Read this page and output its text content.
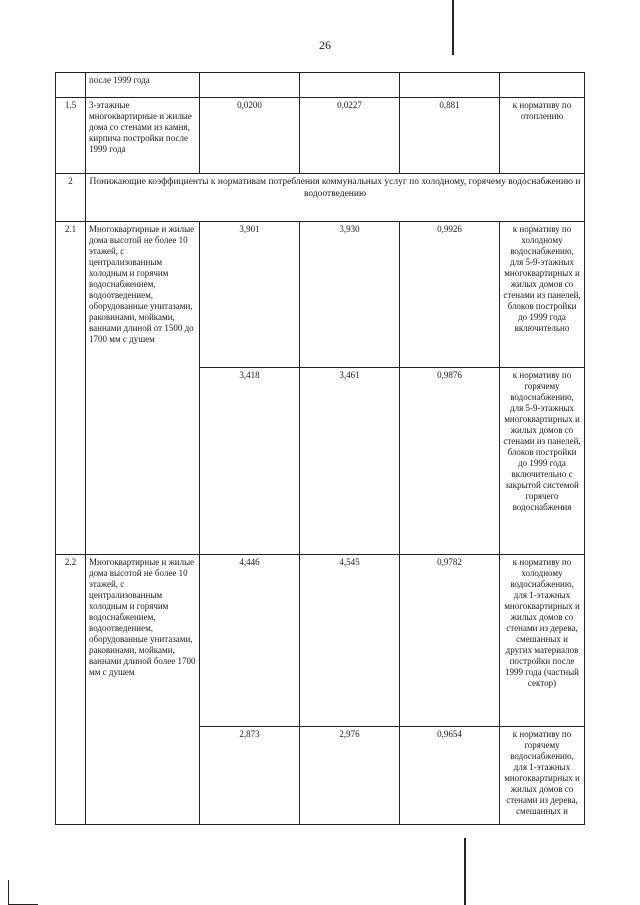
26
	после 1999 года				
1.5	3-этажные многоквартирные и жилые дома со стенами из камня, кирпича постройки после 1999 года	0,0200	0,0227	0,881	к нормативу по отоплению
2	Понижающие коэффициенты к нормативам потребления коммунальных услуг по холодному, горячему водоснабжению и водоотведению				
2.1	Многоквартирные и жилые дома высотой не более 10 этажей, с централизованным холодным и горячим водоснабжением, водоотведением, оборудованные унитазами, раковинами, мойками, ваннами длиной от 1500 до 1700 мм с душем	3,901	3,930	0,9926	к нормативу по холодному водоснабжению, для 5-9-этажных многоквартирных и жилых домов со стенами из панелей, блоков постройки до 1999 года включительно
		3,418	3,461	0,9876	к нормативу по горячему водоснабжению, для 5-9-этажных многоквартирных и жилых домов со стенами из панелей, блоков постройки до 1999 года включительно с закрытой системой горячего водоснабжения
2.2	Многоквартирные и жилые дома высотой не более 10 этажей, с централизованным холодным и горячим водоснабжением, водоотведением, оборудованные унитазами, раковинами, мойками, ваннами длиной более 1700 мм с душем	4,446	4,545	0,9782	к нормативу по холодному водоснабжению, для 1-этажных многоквартирных и жилых домов со стенами из дерева, смешанных и других материалов постройки после 1999 года (частный сектор)
		2,873	2,976	0,9654	к нормативу по горячему водоснабжению, для 1-этажных многоквартирных и жилых домов со стенами из дерева, смешанных и
